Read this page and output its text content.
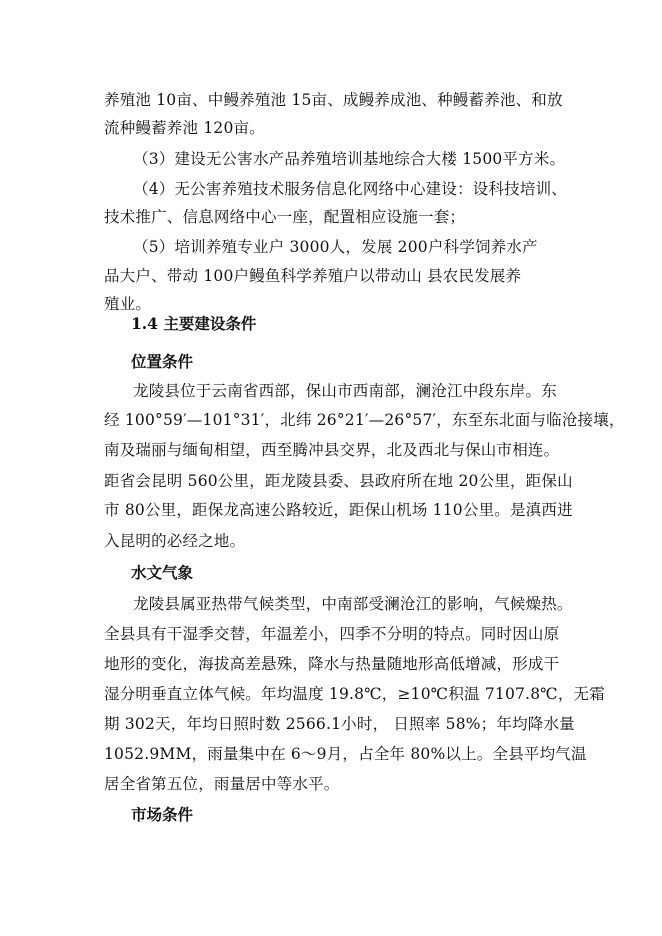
养殖池 10亩、中鳗养殖池 15亩、成鳗养成池、种鳗蓄养池、和放
流种鳗蓄养池 120亩。
（3）建设无公害水产品养殖培训基地综合大楼 1500平方米。
（4）无公害养殖技术服务信息化网络中心建设：设科技培训、
技术推广、信息网络中心一座，配置相应设施一套；
（5）培训养殖专业户 3000人，发展 200户科学饲养水产
品大户、带动 100户鳗鱼科学养殖户以带动山 县农民发展养
殖业。
1.4 主要建设条件
位置条件
龙陵县位于云南省西部，保山市西南部，澜沧江中段东岸。东
经 100°59′—101°31′，北纬 26°21′—26°57′，东至东北面与临沧接壤，
南及瑞丽与缅甸相望，西至腾冲县交界，北及西北与保山市相连。
距省会昆明 560公里，距龙陵县委、县政府所在地 20公里，距保山
市 80公里，距保龙高速公路较近，距保山机场 110公里。是滇西进
入昆明的必经之地。
水文气象
龙陵县属亚热带气候类型，中南部受澜沧江的影响，气候燥热。
全县具有干湿季交替，年温差小，四季不分明的特点。同时因山原
地形的变化，海拔高差悬殊，降水与热量随地形高低增减，形成干
湿分明垂直立体气候。年均温度 19.8℃，≥10℃积温 7107.8℃，无霜
期 302天，年均日照时数 2566.1小时， 日照率 58%；年均降水量
1052.9MM，雨量集中在 6～9月，占全年 80%以上。全县平均气温
居全省第五位，雨量居中等水平。
市场条件
